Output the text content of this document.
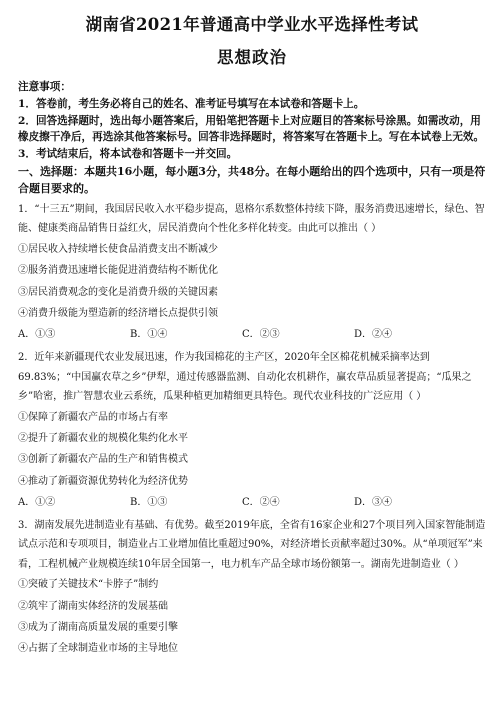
湖南省2021年普通高中学业水平选择性考试
思想政治

注意事项：

1．答卷前，考生务必将自己的姓名、准考证号填写在本试卷和答题卡上。

2．回答选择题时，选出每小题答案后，用铅笔把答题卡上对应题目的答案标号涂黑。如需改动，用橡皮擦干净后，再选涂其他答案标号。回答非选择题时，将答案写在答题卡上。写在本试卷上无效。

3．考试结束后，将本试卷和答题卡一并交回。

一、选择题：本题共16小题，每小题3分，共48分。在每小题给出的四个选项中，只有一项是符合题目要求的。

1．“十三五”期间，我国居民收入水平稳步提高，恩格尔系数整体持续下降，服务消费迅速增长，绿色、智能、健康类商品销售日益红火，居民消费向个性化多样化转变。由此可以推出（ ）

①居民收入持续增长使食品消费支出不断减少

②服务消费迅速增长能促进消费结构不断优化

③居民消费观念的变化是消费升级的关键因素

④消费升级能为塑造新的经济增长点提供引领

A．①③	B．①④	C．②③	D．②④

2．近年来新疆现代农业发展迅速，作为我国棉花的主产区，2020年全区棉花机械采摘率达到69.83%；“中国赢农草之乡”伊犁，通过传感器监测、自动化农机耕作，赢农草品质显著提高；“瓜果之乡”哈密，推广智慧农业云系统，瓜果种植更加精细更具特色。现代农业科技的广泛应用（ ）

①保障了新疆农产品的市场占有率

②提升了新疆农业的规模化集约化水平

③创新了新疆农产品的生产和销售模式

④推动了新疆资源优势转化为经济优势

A．①②	B．①③	C．②④	D．③④

3．湖南发展先进制造业有基础、有优势。截至2019年底，全省有16家企业和27个项目列入国家智能制造试点示范和专项项目，制造业占工业增加值比重超过90%，对经济增长贡献率超过30%。从“单项冠军”来看，工程机械产业规模连续10年居全国第一，电力机车产品全球市场份额第一。湖南先进制造业（ ）

①突破了关键技术“卡脖子”制约

②筑牢了湖南实体经济的发展基础

③成为了湖南高质量发展的重要引擎

④占据了全球制造业市场的主导地位
